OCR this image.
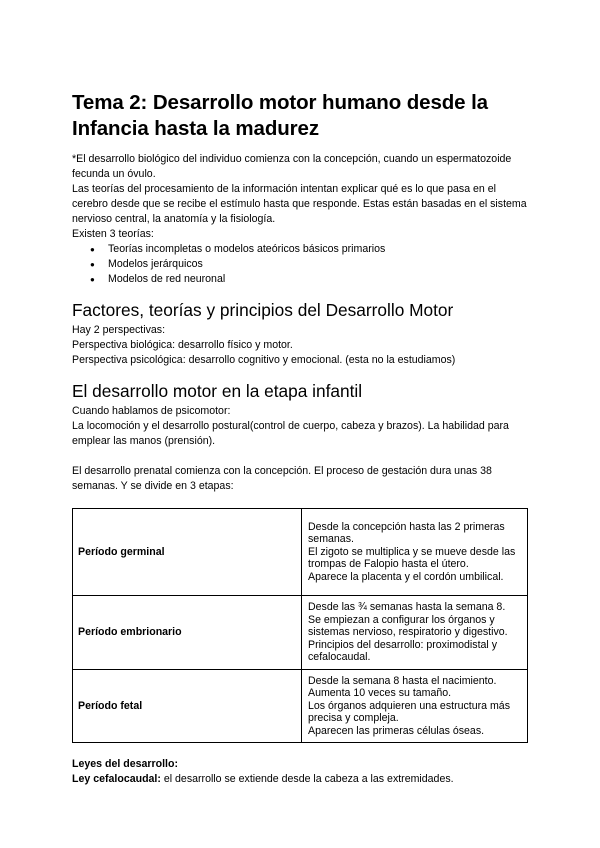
Tema 2: Desarrollo motor humano desde la Infancia hasta la madurez

*El desarrollo biológico del individuo comienza con la concepción, cuando un espermatozoide fecunda un óvulo.

Las teorías del procesamiento de la información intentan explicar qué es lo que pasa en el cerebro desde que se recibe el estímulo hasta que responde. Estas están basadas en el sistema nervioso central, la anatomía y la fisiología.

Existen 3 teorías:

● Teorías incompletas o modelos ateóricos básicos primarios
● Modelos jerárquicos
● Modelos de red neuronal
Factores, teorías y principios del Desarrollo Motor

Hay 2 perspectivas:

Perspectiva biológica: desarrollo físico y motor.

Perspectiva psicológica: desarrollo cognitivo y emocional. (esta no la estudiamos)

El desarrollo motor en la etapa infantil

Cuando hablamos de psicomotor:

La locomoción y el desarrollo postural(control de cuerpo, cabeza y brazos). La habilidad para emplear las manos (prensión).

El desarrollo prenatal comienza con la concepción. El proceso de gestación dura unas 38 semanas. Y se divide en 3 etapas:

Período germinal	Desde la concepción hasta las 2 primeras semanas.
El zigoto se multiplica y se mueve desde las trompas de Falopio hasta el útero.
Aparece la placenta y el cordón umbilical.

Período embrionario	Desde las ¾ semanas hasta la semana 8.
Se empiezan a configurar los órganos y sistemas nervioso, respiratorio y digestivo.
Principios del desarrollo: proximodistal y cefalocaudal.

Período fetal	Desde la semana 8 hasta el nacimiento.
Aumenta 10 veces su tamaño.
Los órganos adquieren una estructura más precisa y compleja.
Aparecen las primeras células óseas.

Leyes del desarrollo:

Ley cefalocaudal: el desarrollo se extiende desde la cabeza a las extremidades.
